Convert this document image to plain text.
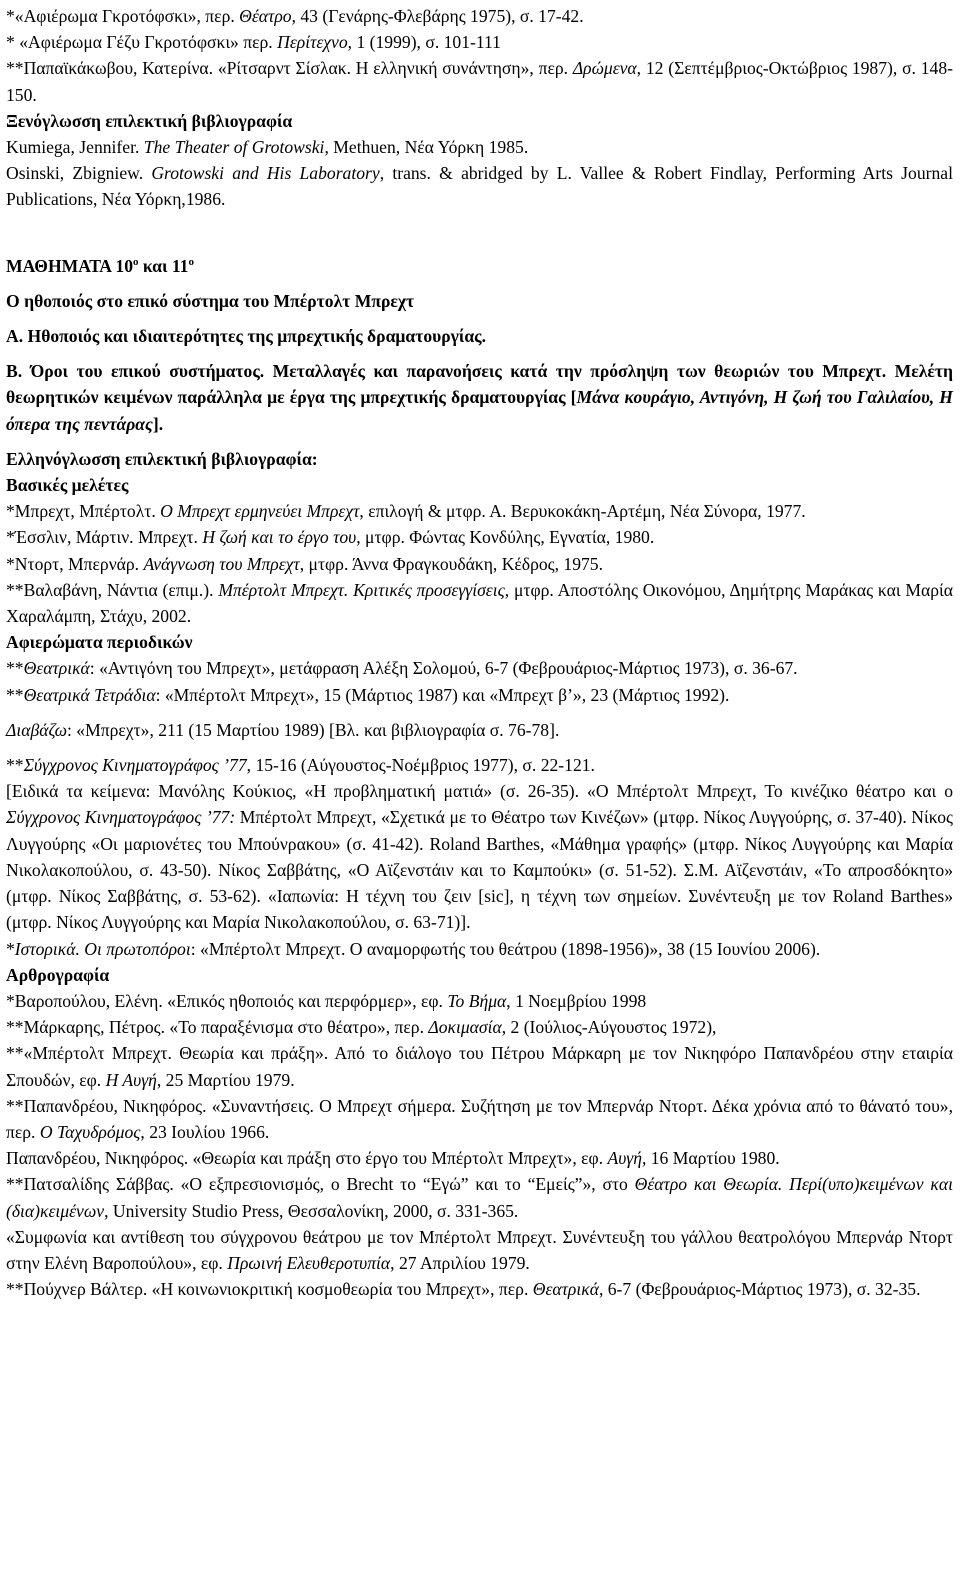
*«Αφιέρωμα Γκροτόφσκι», περ. Θέατρο, 43 (Γενάρης-Φλεβάρης 1975), σ. 17-42.

* «Αφιέρωμα Γέζυ Γκροτόφσκι» περ. Περίτεχνο, 1 (1999), σ. 101-111

**Παπαϊκάκωβου, Κατερίνα. «Ρίτσαρντ Σίσλακ. Η ελληνική συνάντηση», περ. Δρώμενα, 12 (Σεπτέμβριος-Οκτώβριος 1987), σ. 148-150.

Ξενόγλωσση επιλεκτική βιβλιογραφία

Kumiega, Jennifer. The Theater of Grotowski, Methuen, Νέα Υόρκη 1985.

Osinski, Zbigniew. Grotowski and His Laboratory, trans. & abridged by L. Vallee & Robert Findlay, Performing Arts Journal Publications, Νέα Υόρκη,1986.

ΜΑΘΗΜΑΤΑ $10^o$ και $11^o$

Ο ηθοποιός στο επικό σύστημα του Μπέρτολτ Μπρεχτ

Α. Ηθοποιός και ιδιαιτερότητες της μπρεχτικής δραματουργίας.

Β. Όροι του επικού συστήματος. Μεταλλαγές και παρανοήσεις κατά την πρόσληψη των θεωριών του Μπρεχτ. Μελέτη θεωρητικών κειμένων παράλληλα με έργα της μπρεχτικής δραματουργίας [Μάνα κουράγιο, Αντιγόνη, Η ζωή του Γαλιλαίου, Η όπερα της πεντάρας].

Ελληνόγλωσση επιλεκτική βιβλιογραφία:

Βασικές μελέτες

*Μπρεχτ, Μπέρτολτ. Ο Μπρεχτ ερμηνεύει Μπρεχτ, επιλογή & μτφρ. Α. Βερυκοκάκη-Αρτέμη, Νέα Σύνορα, 1977.

*Έσσλιν, Μάρτιν. Μπρεχτ. Η ζωή και το έργο του, μτφρ. Φώντας Κονδύλης, Εγνατία, 1980.

*Ντορτ, Μπερνάρ. Ανάγνωση του Μπρεχτ, μτφρ. Άννα Φραγκουδάκη, Κέδρος, 1975.

**Βαλαβάνη, Νάντια (επιμ.). Μπέρτολτ Μπρεχτ. Κριτικές προσεγγίσεις, μτφρ. Αποστόλης Οικονόμου, Δημήτρης Μαράκας και Μαρία Χαραλάμπη, Στάχυ, 2002.

Αφιερώματα περιοδικών

**Θεατρικά: «Αντιγόνη του Μπρεχτ», μετάφραση Αλέξη Σολομού, 6-7 (Φεβρουάριος-Μάρτιος 1973), σ. 36-67.

**Θεατρικά Τετράδια: «Μπέρτολτ Μπρεχτ», 15 (Μάρτιος 1987) και «Μπρεχτ β’», 23 (Μάρτιος 1992).

Διαβάζω: «Μπρεχτ», 211 (15 Μαρτίου 1989) [Βλ. και βιβλιογραφία σ. 76-78].

**Σύγχρονος Κινηματογράφος ’77, 15-16 (Αύγουστος-Νοέμβριος 1977), σ. 22-121.

[Ειδικά τα κείμενα: Μανόλης Κούκιος, «Η προβληματική ματιά» (σ. 26-35). «Ο Μπέρτολτ Μπρεχτ, Το κινέζικο θέατρο και ο Σύγχρονος Κινηματογράφος ’77: Μπέρτολτ Μπρεχτ, «Σχετικά με το Θέατρο των Κινέζων» (μτφρ. Νίκος Λυγγούρης, σ. 37-40). Νίκος Λυγγούρης «Οι μαριονέτες του Μπούνρακου» (σ. 41-42). Roland Barthes, «Μάθημα γραφής» (μτφρ. Νίκος Λυγγούρης και Μαρία Νικολακοπούλου, σ. 43-50). Νίκος Σαββάτης, «Ο Αϊζενστάιν και το Καμπούκι» (σ. 51-52). Σ.Μ. Αϊζενστάιν, «Το απροσδόκητο» (μτφρ. Νίκος Σαββάτης, σ. 53-62). «Ιαπωνία: Η τέχνη του ζειν [sic], η τέχνη των σημείων. Συνέντευξη με τον Roland Barthes» (μτφρ. Νίκος Λυγγούρης και Μαρία Νικολακοπούλου, σ. 63-71)].

*Ιστορικά. Οι πρωτοπόροι: «Μπέρτολτ Μπρεχτ. Ο αναμορφωτής του θεάτρου (1898-1956)», 38 (15 Ιουνίου 2006).

Αρθρογραφία

*Βαροπούλου, Ελένη. «Επικός ηθοποιός και περφόρμερ», εφ. Το Βήμα, 1 Νοεμβρίου 1998

**Μάρκαρης, Πέτρος. «Το παραξένισμα στο θέατρο», περ. Δοκιμασία, 2 (Ιούλιος-Αύγουστος 1972),

**«Μπέρτολτ Μπρεχτ. Θεωρία και πράξη». Από το διάλογο του Πέτρου Μάρκαρη με τον Νικηφόρο Παπανδρέου στην εταιρία Σπουδών, εφ. Η Αυγή, 25 Μαρτίου 1979.

**Παπανδρέου, Νικηφόρος. «Συναντήσεις. Ο Μπρεχτ σήμερα. Συζήτηση με τον Μπερνάρ Ντορτ. Δέκα χρόνια από το θάνατό του», περ. Ο Ταχυδρόμος, 23 Ιουλίου 1966.

Παπανδρέου, Νικηφόρος. «Θεωρία και πράξη στο έργο του Μπέρτολτ Μπρεχτ», εφ. Αυγή, 16 Μαρτίου 1980.

**Πατσαλίδης Σάββας. «Ο εξπρεσιονισμός, ο Brecht το “Εγώ” και το “Εμείς”», στο Θέατρο και Θεωρία. Περί(υπο)κειμένων και (δια)κειμένων, University Studio Press, Θεσσαλονίκη, 2000, σ. 331-365.

«Συμφωνία και αντίθεση του σύγχρονου θεάτρου με τον Μπέρτολτ Μπρεχτ. Συνέντευξη του γάλλου θεατρολόγου Μπερνάρ Ντορτ στην Ελένη Βαροπούλου», εφ. Πρωινή Ελευθεροτυπία, 27 Απριλίου 1979.

**Πούχνερ Βάλτερ. «Η κοινωνιοκριτική κοσμοθεωρία του Μπρεχτ», περ. Θεατρικά, 6-7 (Φεβρουάριος-Μάρτιος 1973), σ. 32-35.
